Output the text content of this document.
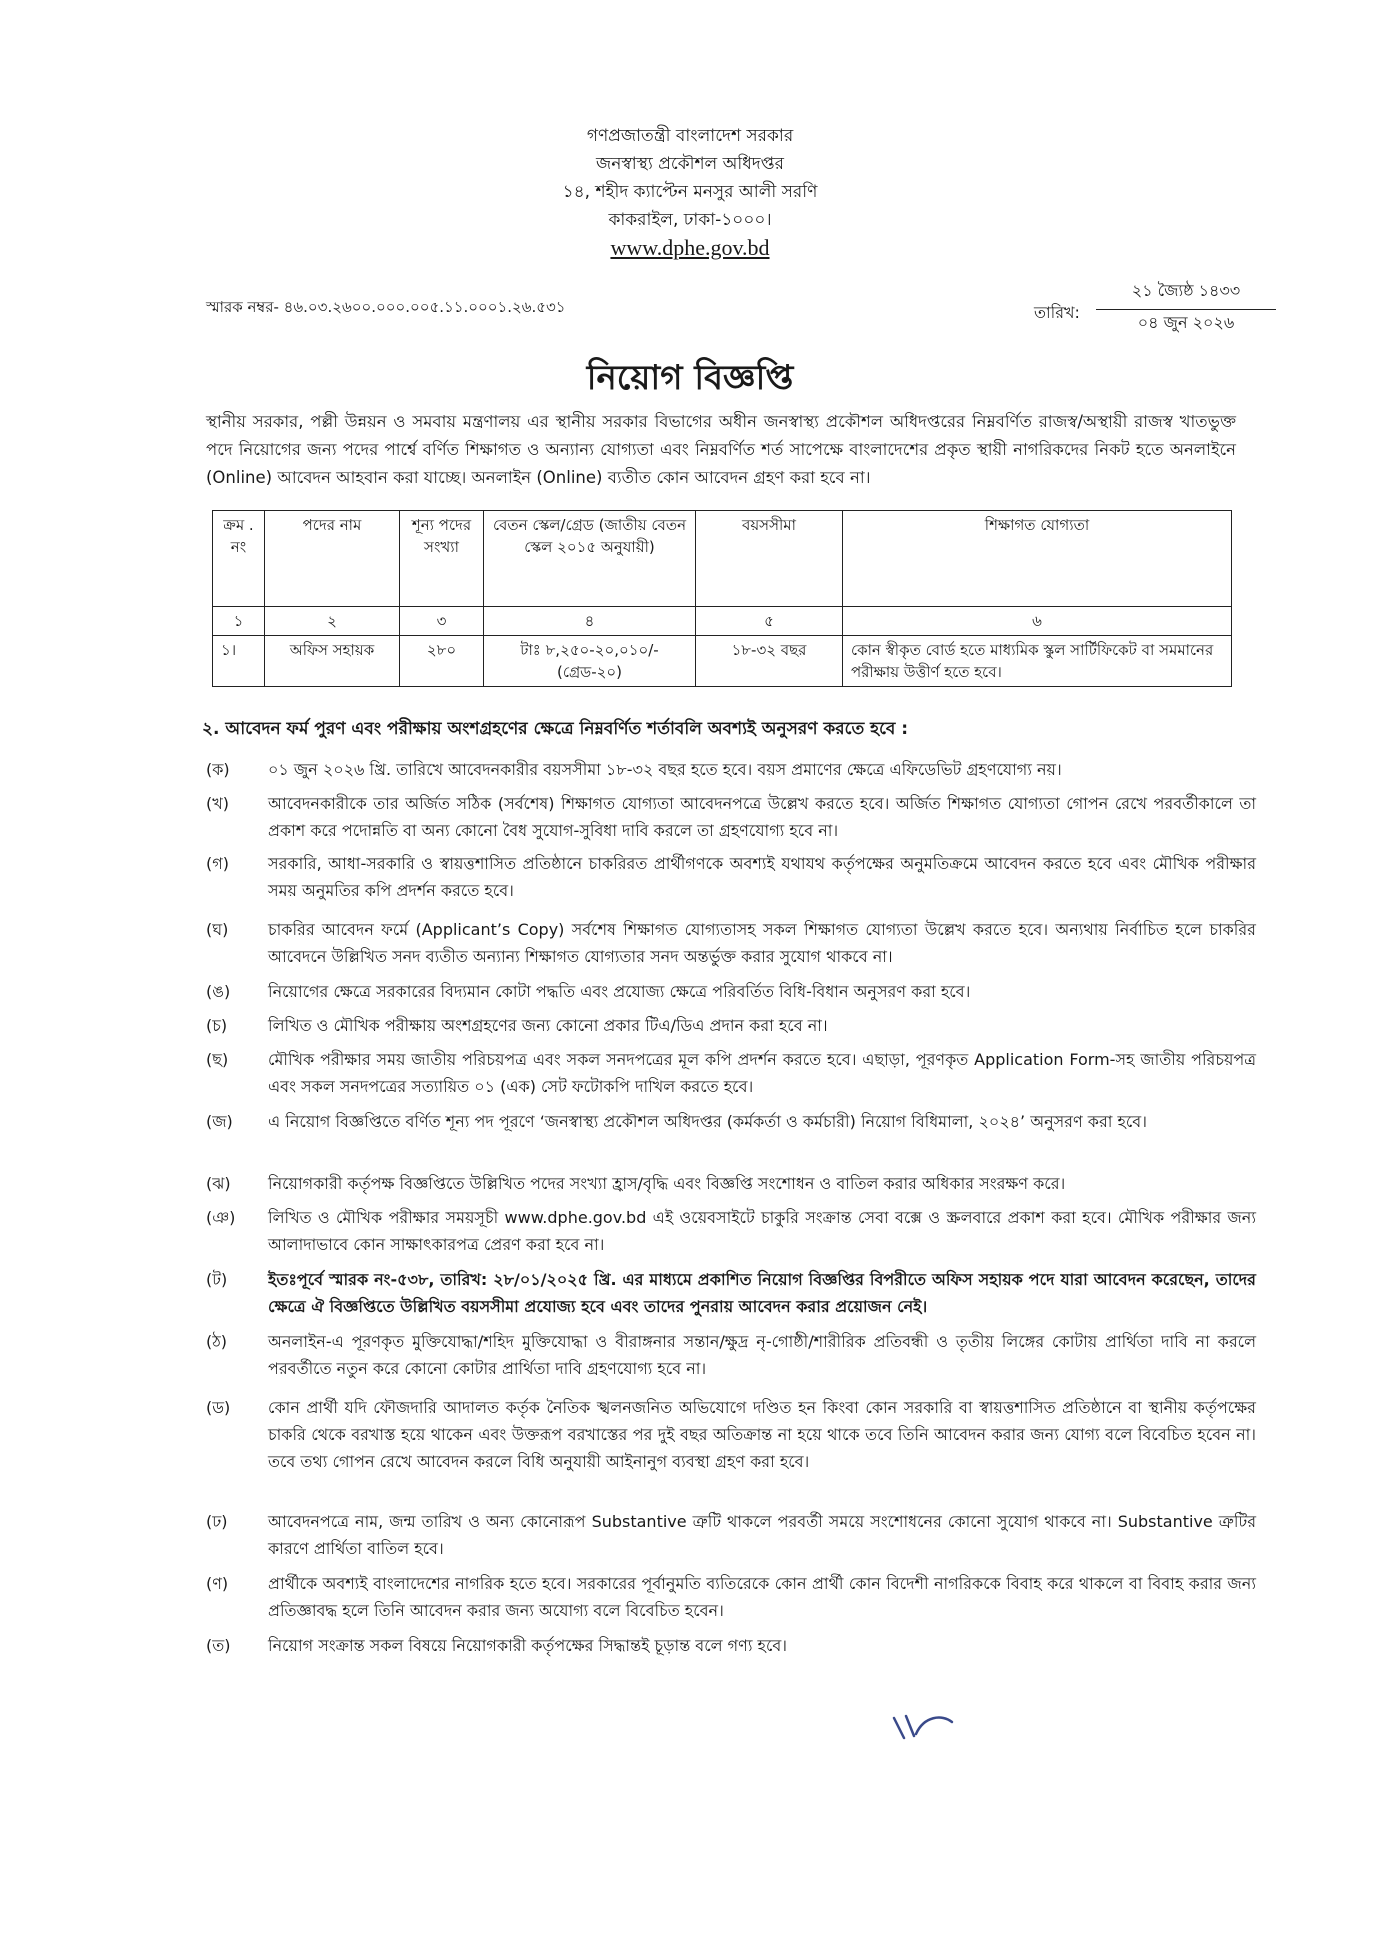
গণপ্রজাতন্ত্রী বাংলাদেশ সরকার
জনস্বাস্থ্য প্রকৌশল অধিদপ্তর
১৪, শহীদ ক্যাপ্টেন মনসুর আলী সরণি
কাকরাইল, ঢাকা-১০০০।
www.dphe.gov.bd
স্মারক নম্বর- ৪৬.০৩.২৬০০.০০০.০০৫.১১.০০০১.২৬.৫৩১	তারিখ:
২১ জ্যৈষ্ঠ ১৪৩৩
০৪ জুন ২০২৬
নিয়োগ বিজ্ঞপ্তি
স্থানীয় সরকার, পল্লী উন্নয়ন ও সমবায় মন্ত্রণালয় এর স্থানীয় সরকার বিভাগের অধীন জনস্বাস্থ্য প্রকৌশল অধিদপ্তরের নিম্নবর্ণিত রাজস্ব/অস্থায়ী রাজস্ব খাতভুক্ত পদে নিয়োগের জন্য পদের পার্শ্বে বর্ণিত শিক্ষাগত ও অন্যান্য যোগ্যতা এবং নিম্নবর্ণিত শর্ত সাপেক্ষে বাংলাদেশের প্রকৃত স্থায়ী নাগরিকদের নিকট হতে অনলাইনে (Online) আবেদন আহবান করা যাচ্ছে। অনলাইন (Online) ব্যতীত কোন আবেদন গ্রহণ করা হবে না।
ক্রম . নং	পদের নাম	শূন্য পদের সংখ্যা	বেতন স্কেল/গ্রেড (জাতীয় বেতন স্কেল ২০১৫ অনুযায়ী)	বয়সসীমা	শিক্ষাগত যোগ্যতা
১	২	৩	৪	৫	৬
১।	অফিস সহায়ক	২৮০	টাঃ ৮,২৫০-২০,০১০/- (গ্রেড-২০)	১৮-৩২ বছর	কোন স্বীকৃত বোর্ড হতে মাধ্যমিক স্কুল সার্টিফিকেট বা সমমানের পরীক্ষায় উত্তীর্ণ হতে হবে।
২. আবেদন ফর্ম পুরণ এবং পরীক্ষায় অংশগ্রহণের ক্ষেত্রে নিম্নবর্ণিত শর্তাবলি অবশ্যই অনুসরণ করতে হবে :
(ক)	০১ জুন ২০২৬ খ্রি. তারিখে আবেদনকারীর বয়সসীমা ১৮-৩২ বছর হতে হবে। বয়স প্রমাণের ক্ষেত্রে এফিডেভিট গ্রহণযোগ্য নয়।
(খ)	আবেদনকারীকে তার অর্জিত সঠিক (সর্বশেষ) শিক্ষাগত যোগ্যতা আবেদনপত্রে উল্লেখ করতে হবে। অর্জিত শিক্ষাগত যোগ্যতা গোপন রেখে পরবর্তীকালে তা প্রকাশ করে পদোন্নতি বা অন্য কোনো বৈধ সুযোগ-সুবিধা দাবি করলে তা গ্রহণযোগ্য হবে না।
(গ)	সরকারি, আধা-সরকারি ও স্বায়ত্তশাসিত প্রতিষ্ঠানে চাকরিরত প্রার্থীগণকে অবশ্যই যথাযথ কর্তৃপক্ষের অনুমতিক্রমে আবেদন করতে হবে এবং মৌখিক পরীক্ষার সময় অনুমতির কপি প্রদর্শন করতে হবে।
(ঘ)	চাকরির আবেদন ফর্মে (Applicant’s Copy) সর্বশেষ শিক্ষাগত যোগ্যতাসহ সকল শিক্ষাগত যোগ্যতা উল্লেখ করতে হবে। অন্যথায় নির্বাচিত হলে চাকরির আবেদনে উল্লিখিত সনদ ব্যতীত অন্যান্য শিক্ষাগত যোগ্যতার সনদ অন্তর্ভুক্ত করার সুযোগ থাকবে না।
(ঙ)	নিয়োগের ক্ষেত্রে সরকারের বিদ্যমান কোটা পদ্ধতি এবং প্রযোজ্য ক্ষেত্রে পরিবর্তিত বিধি-বিধান অনুসরণ করা হবে।
(চ)	লিখিত ও মৌখিক পরীক্ষায় অংশগ্রহণের জন্য কোনো প্রকার টিএ/ডিএ প্রদান করা হবে না।
(ছ)	মৌখিক পরীক্ষার সময় জাতীয় পরিচয়পত্র এবং সকল সনদপত্রের মূল কপি প্রদর্শন করতে হবে। এছাড়া, পূরণকৃত Application Form-সহ জাতীয় পরিচয়পত্র এবং সকল সনদপত্রের সত্যায়িত ০১ (এক) সেট ফটোকপি দাখিল করতে হবে।
(জ)	এ নিয়োগ বিজ্ঞপ্তিতে বর্ণিত শূন্য পদ পূরণে ‘জনস্বাস্থ্য প্রকৌশল অধিদপ্তর (কর্মকর্তা ও কর্মচারী) নিয়োগ বিধিমালা, ২০২৪’ অনুসরণ করা হবে।
(ঝ)	নিয়োগকারী কর্তৃপক্ষ বিজ্ঞপ্তিতে উল্লিখিত পদের সংখ্যা হ্রাস/বৃদ্ধি এবং বিজ্ঞপ্তি সংশোধন ও বাতিল করার অধিকার সংরক্ষণ করে।
(ঞ)	লিখিত ও মৌখিক পরীক্ষার সময়সূচী www.dphe.gov.bd এই ওয়েবসাইটে চাকুরি সংক্রান্ত সেবা বক্সে ও স্ক্রলবারে প্রকাশ করা হবে। মৌখিক পরীক্ষার জন্য আলাদাভাবে কোন সাক্ষাৎকারপত্র প্রেরণ করা হবে না।
(ট)	ইতঃপূর্বে স্মারক নং-৫৩৮, তারিখ: ২৮/০১/২০২৫ খ্রি. এর মাধ্যমে প্রকাশিত নিয়োগ বিজ্ঞপ্তির বিপরীতে অফিস সহায়ক পদে যারা আবেদন করেছেন, তাদের ক্ষেত্রে ঐ বিজ্ঞপ্তিতে উল্লিখিত বয়সসীমা প্রযোজ্য হবে এবং তাদের পুনরায় আবেদন করার প্রয়োজন নেই।
(ঠ)	অনলাইন-এ পূরণকৃত মুক্তিযোদ্ধা/শহিদ মুক্তিযোদ্ধা ও বীরাঙ্গনার সন্তান/ক্ষুদ্র নৃ-গোষ্ঠী/শারীরিক প্রতিবন্ধী ও তৃতীয় লিঙ্গের কোটায় প্রার্থিতা দাবি না করলে পরবর্তীতে নতুন করে কোনো কোটার প্রার্থিতা দাবি গ্রহণযোগ্য হবে না।
(ড)	কোন প্রার্থী যদি ফৌজদারি আদালত কর্তৃক নৈতিক স্খলনজনিত অভিযোগে দণ্ডিত হন কিংবা কোন সরকারি বা স্বায়ত্তশাসিত প্রতিষ্ঠানে বা স্থানীয় কর্তৃপক্ষের চাকরি থেকে বরখাস্ত হয়ে থাকেন এবং উক্তরূপ বরখাস্তের পর দুই বছর অতিক্রান্ত না হয়ে থাকে তবে তিনি আবেদন করার জন্য যোগ্য বলে বিবেচিত হবেন না। তবে তথ্য গোপন রেখে আবেদন করলে বিধি অনুযায়ী আইনানুগ ব্যবস্থা গ্রহণ করা হবে।
(ঢ)	আবেদনপত্রে নাম, জন্ম তারিখ ও অন্য কোনোরূপ Substantive ত্রুটি থাকলে পরবর্তী সময়ে সংশোধনের কোনো সুযোগ থাকবে না। Substantive ত্রুটির কারণে প্রার্থিতা বাতিল হবে।
(ণ)	প্রার্থীকে অবশ্যই বাংলাদেশের নাগরিক হতে হবে। সরকারের পূর্বানুমতি ব্যতিরেকে কোন প্রার্থী কোন বিদেশী নাগরিককে বিবাহ করে থাকলে বা বিবাহ করার জন্য প্রতিজ্ঞাবদ্ধ হলে তিনি আবেদন করার জন্য অযোগ্য বলে বিবেচিত হবেন।
(ত)	নিয়োগ সংক্রান্ত সকল বিষয়ে নিয়োগকারী কর্তৃপক্ষের সিদ্ধান্তই চূড়ান্ত বলে গণ্য হবে।
